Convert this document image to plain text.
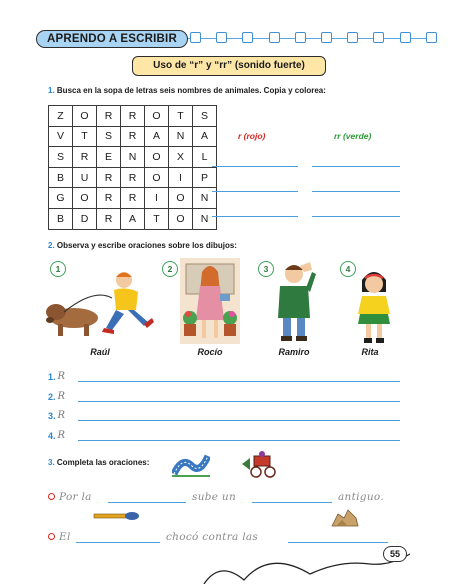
APRENDO A ESCRIBIR
Uso de “r” y “rr” (sonido fuerte)
1. Busca en la sopa de letras seis nombres de animales. Copia y colorea:
Z	O	R	R	O	T	S
V	T	S	R	A	N	A
S	R	E	N	O	X	L
B	U	R	R	O	I	P
G	O	R	R	I	O	N
B	D	R	A	T	O	N
r (rojo)	rr (verde)
2. Observa y escribe oraciones sobre los dibujos:
1
Raúl
2
Rocío
3
Ramiro
4
Rita
1. R
2. R
3. R
4. R
3. Completa las oraciones:
Por la	sube un	antiguo.
El	chocó contra las
55
